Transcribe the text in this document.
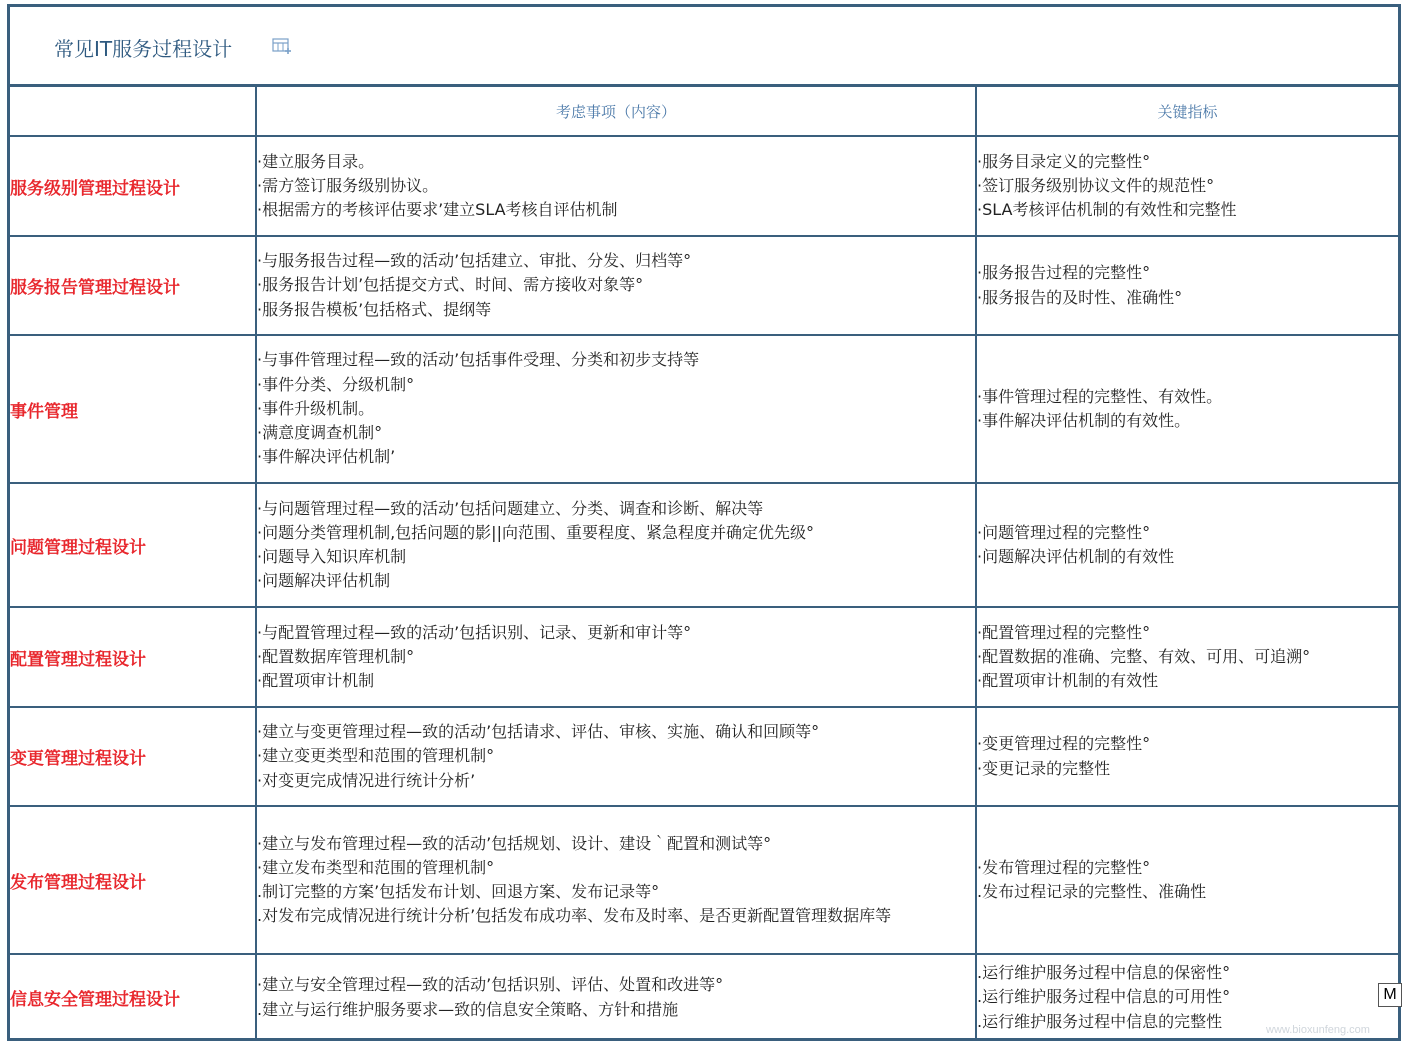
常见IT服务过程设计
	考虑事项（内容）	关键指标
服务级别管理过程设计	·建立服务目录。
·需方签订服务级别协议。
·根据需方的考核评估要求’建立SLA考核自评估机制	·服务目录定义的完整性°
·签订服务级别协议文件的规范性°
·SLA考核评估机制的有效性和完整性

服务报告管理过程设计	·与服务报告过程—致的活动’包括建立、审批、分发、归档等°
·服务报告计划’包括提交方式、时间、需方接收对象等°
·服务报告模板’包括格式、提纲等	·服务报告过程的完整性°
·服务报告的及时性、准确性°

事件管理	·与事件管理过程—致的活动’包括事件受理、分类和初步支持等
·事件分类、分级机制°
·事件升级机制。
·满意度调查机制°
·事件解决评估机制’	·事件管理过程的完整性、有效性。
·事件解决评估机制的有效性。

问题管理过程设计	·与问题管理过程—致的活动’包括问题建立、分类、调查和诊断、解决等
·问题分类管理机制,包括问题的影||向范围、重要程度、紧急程度并确定优先级°
·问题导入知识库机制
·问题解决评估机制	·问题管理过程的完整性°
·问题解决评估机制的有效性

配置管理过程设计	·与配置管理过程—致的活动’包括识别、记录、更新和审计等°
·配置数据库管理机制°
·配置项审计机制	·配置管理过程的完整性°
·配置数据的准确、完整、有效、可用、可追溯°
·配置项审计机制的有效性

变更管理过程设计	·建立与变更管理过程—致的活动’包括请求、评估、审核、实施、确认和回顾等°
·建立变更类型和范围的管理机制°
·对变更完成情况进行统计分析’	·变更管理过程的完整性°
·变更记录的完整性

发布管理过程设计	·建立与发布管理过程—致的活动’包括规划、设计、建设｀配置和测试等°
·建立发布类型和范围的管理机制°
.制订完整的方案’包括发布计划、回退方案、发布记录等°
.对发布完成情况进行统计分析’包括发布成功率、发布及时率、是否更新配置管理数据库等	·发布管理过程的完整性°
.发布过程记录的完整性、准确性

信息安全管理过程设计	·建立与安全管理过程—致的活动’包括识别、评估、处置和改进等°
.建立与运行维护服务要求—致的信息安全策略、方针和措施	.运行维护服务过程中信息的保密性°
.运行维护服务过程中信息的可用性°
.运行维护服务过程中信息的完整性
M
www.bioxunfeng.com
